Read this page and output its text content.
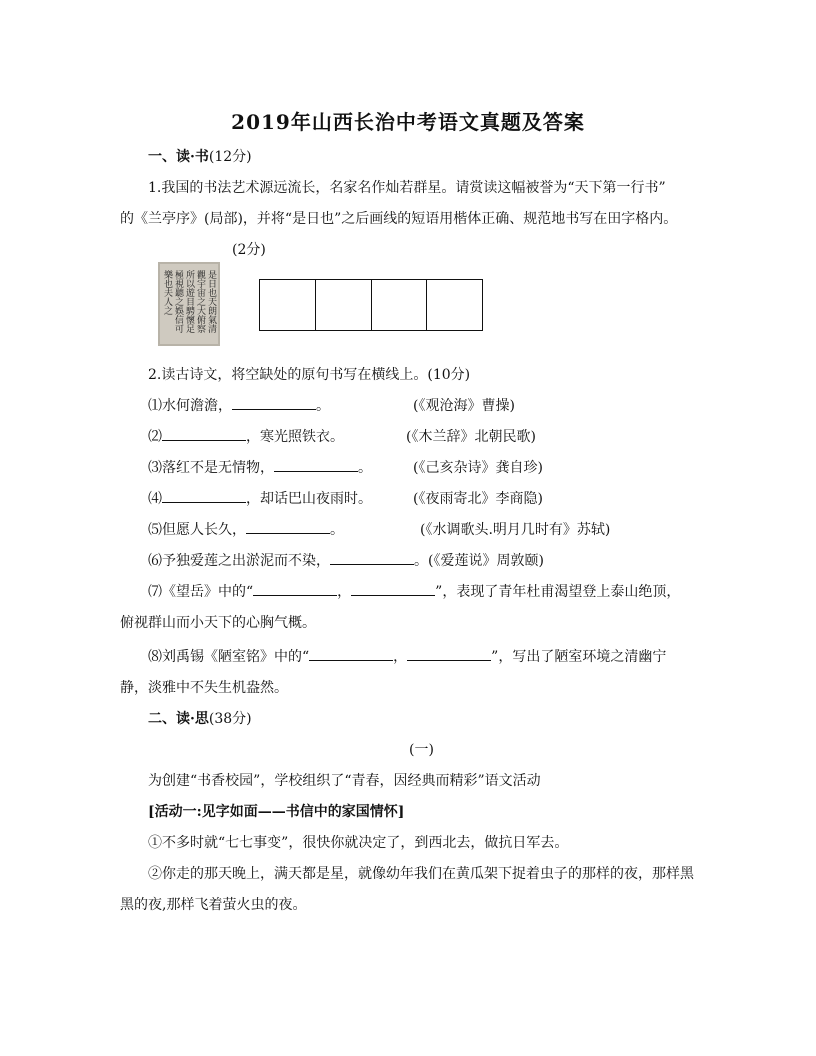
2019年山西长治中考语文真题及答案
一、读·书(12分)
1.我国的书法艺术源远流长，名家名作灿若群星。请赏读这幅被誉为“天下第一行书”
的《兰亭序》(局部)，并将“是日也”之后画线的短语用楷体正确、规范地书写在田字格内。
(2分)
是日也天朗氣清
觀宇宙之大俯察
所以遊目騁懷足
極視聽之娛信可
樂也夫人之
2.读古诗文，将空缺处的原句书写在横线上。(10分)
⑴水何澹澹，	。	(《观沧海》曹操)
⑵	，寒光照铁衣。	(《木兰辞》北朝民歌)
⑶落红不是无情物，	。	(《己亥杂诗》龚自珍)
⑷	，却话巴山夜雨时。	(《夜雨寄北》李商隐)
⑸但愿人长久，	。	(《水调歌头.明月几时有》苏轼)
⑹予独爱莲之出淤泥而不染，	。(《爱莲说》周敦颐)
⑺《望岳》中的“	，	”，表现了青年杜甫渴望登上泰山绝顶，
俯视群山而小天下的心胸气概。
⑻刘禹锡《陋室铭》中的“	，	”，写出了陋室环境之清幽宁
静，淡雅中不失生机盎然。
二、读·思(38分)
(一)
为创建“书香校园”，学校组织了“青春，因经典而精彩”语文活动
[活动一:见字如面——书信中的家国情怀]
①不多时就“七七事变”，很快你就决定了，到西北去，做抗日军去。
②你走的那天晚上，满天都是星，就像幼年我们在黄瓜架下捉着虫子的那样的夜，那样黑
黑的夜,那样飞着萤火虫的夜。
